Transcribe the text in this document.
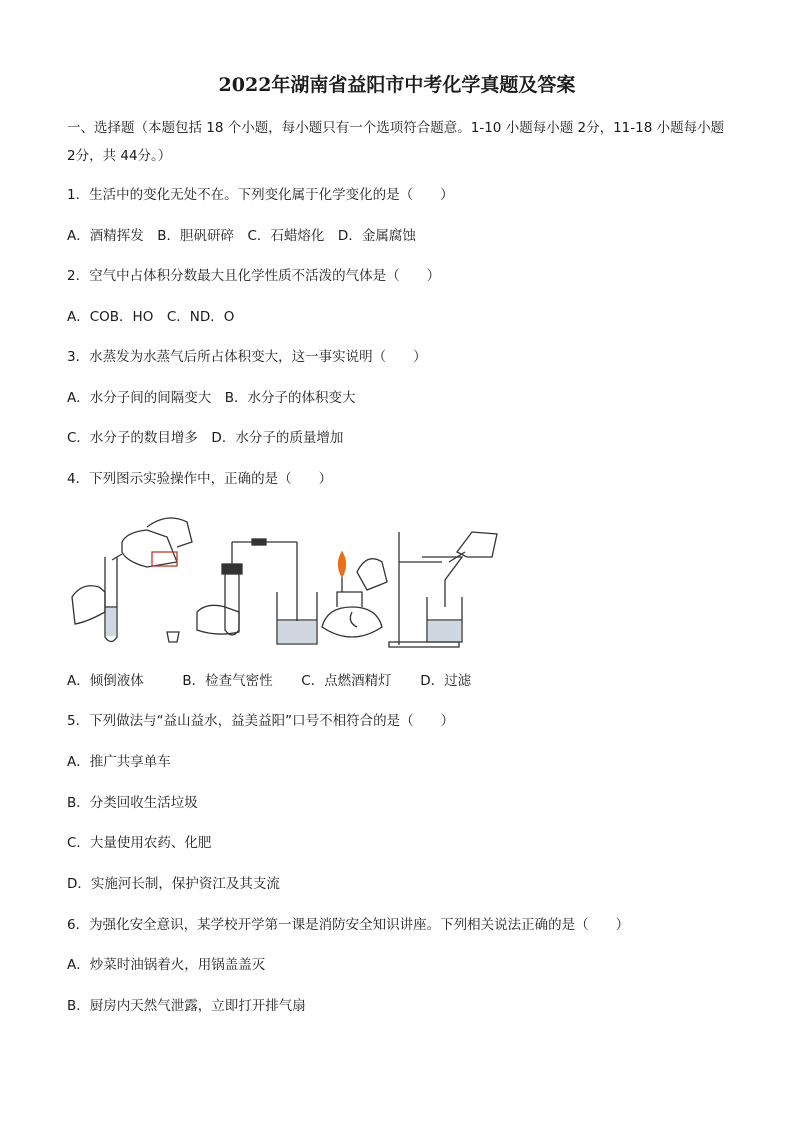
2022年湖南省益阳市中考化学真题及答案
一、选择题（本题包括 18 个小题，每小题只有一个选项符合题意。1-10 小题每小题 2分，11-18 小题每小题 2分，共 44分。）
1．生活中的变化无处不在。下列变化属于化学变化的是（　　）
A．酒精挥发　B．胆矾研碎　C．石蜡熔化　D．金属腐蚀
2．空气中占体积分数最大且化学性质不活泼的气体是（　　）
A．COB．HO　C．ND．O
3．水蒸发为水蒸气后所占体积变大，这一事实说明（　　）
A．水分子间的间隔变大　B．水分子的体积变大
C．水分子的数目增多　D．水分子的质量增加
4．下列图示实验操作中，正确的是（　　）
A．倾倒液体	B．检查气密性 C．点燃酒精灯 D．过滤
5．下列做法与“益山益水，益美益阳”口号不相符合的是（　　）
A．推广共享单车
B．分类回收生活垃圾
C．大量使用农药、化肥
D．实施河长制，保护资江及其支流
6．为强化安全意识，某学校开学第一课是消防安全知识讲座。下列相关说法正确的是（　　）
A．炒菜时油锅着火，用锅盖盖灭
B．厨房内天然气泄露，立即打开排气扇
